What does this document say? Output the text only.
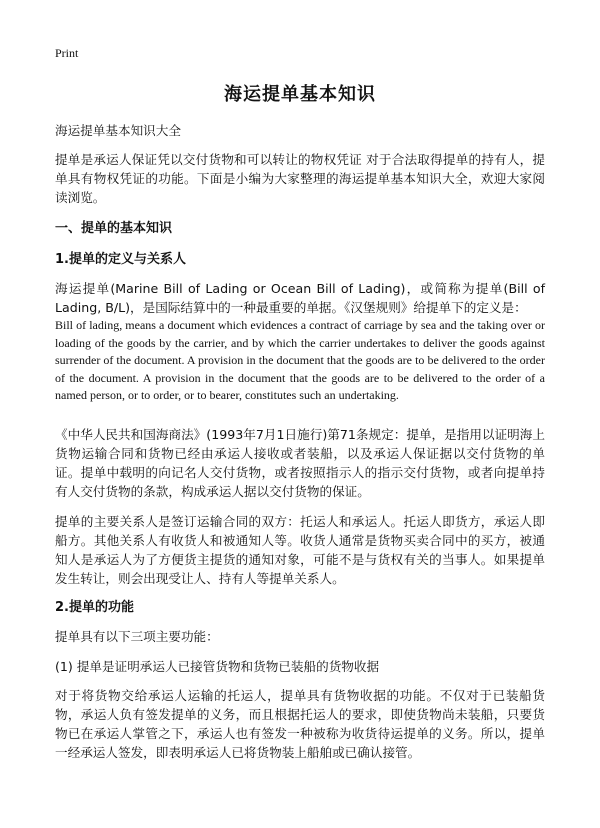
Print
海运提单基本知识
海运提单基本知识大全

提单是承运人保证凭以交付货物和可以转让的物权凭证 对于合法取得提单的持有人，提单具有物权凭证的功能。下面是小编为大家整理的海运提单基本知识大全，欢迎大家阅读浏览。

一、提单的基本知识
1.提单的定义与关系人

海运提单(Marine Bill of Lading or Ocean Bill of Lading)，或简称为提单(Bill of Lading, B/L)，是国际结算中的一种最重要的单据。《汉堡规则》给提单下的定义是：

Bill of lading, means a document which evidences a contract of carriage by sea and the taking over or loading of the goods by the carrier, and by which the carrier undertakes to deliver the goods against surrender of the document. A provision in the document that the goods are to be delivered to the order of the document. A provision in the document that the goods are to be delivered to the order of a named person, or to order, or to bearer, constitutes such an undertaking.

《中华人民共和国海商法》(1993年7月1日施行)第71条规定：提单，是指用以证明海上货物运输合同和货物已经由承运人接收或者装船，以及承运人保证据以交付货物的单证。提单中载明的向记名人交付货物，或者按照指示人的指示交付货物，或者向提单持有人交付货物的条款，构成承运人据以交付货物的保证。

提单的主要关系人是签订运输合同的双方：托运人和承运人。托运人即货方，承运人即船方。其他关系人有收货人和被通知人等。收货人通常是货物买卖合同中的买方，被通知人是承运人为了方便货主提货的通知对象，可能不是与货权有关的当事人。如果提单发生转让，则会出现受让人、持有人等提单关系人。

2.提单的功能
提单具有以下三项主要功能：
(1) 提单是证明承运人已接管货物和货物已装船的货物收据

对于将货物交给承运人运输的托运人，提单具有货物收据的功能。不仅对于已装船货物，承运人负有签发提单的义务，而且根据托运人的要求，即使货物尚未装船，只要货物已在承运人掌管之下，承运人也有签发一种被称为收货待运提单的义务。所以，提单一经承运人签发，即表明承运人已将货物装上船舶或已确认接管。
